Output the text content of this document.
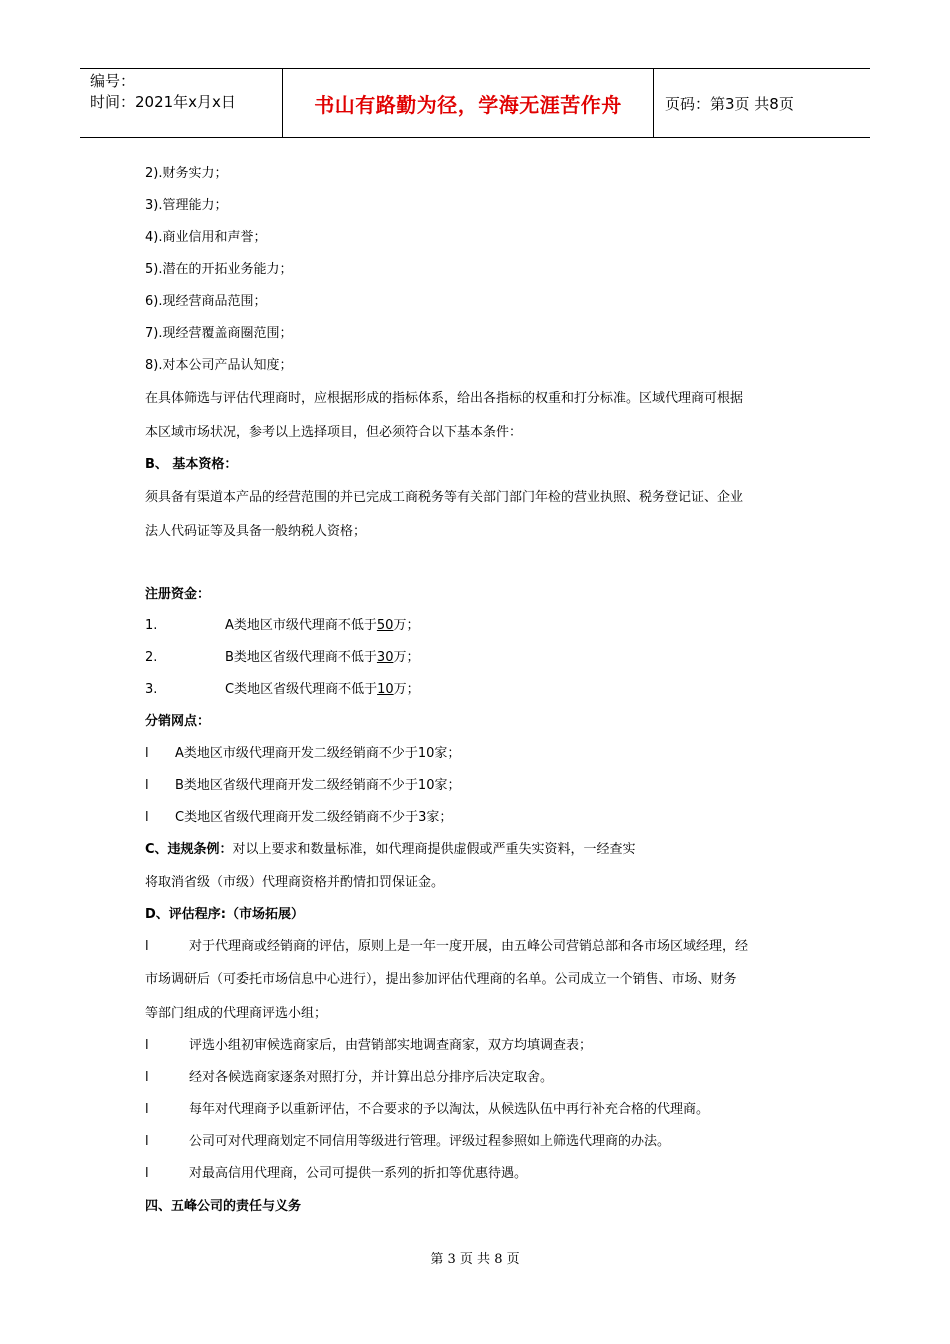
编号：
时间：2021年x月x日	书山有路勤为径，学海无涯苦作舟	页码：第3页 共8页
2).财务实力；
3).管理能力；
4).商业信用和声誉；
5).潜在的开拓业务能力；
6).现经营商品范围；
7).现经营覆盖商圈范围；
8).对本公司产品认知度；
在具体筛选与评估代理商时，应根据形成的指标体系，给出各指标的权重和打分标准。区域代理商可根据
本区域市场状况，参考以上选择项目，但必须符合以下基本条件：
B、 基本资格：
须具备有渠道本产品的经营范围的并已完成工商税务等有关部门部门年检的营业执照、税务登记证、企业
法人代码证等及具备一般纳税人资格；
注册资金：
1.	A类地区市级代理商不低于50万；
2.	B类地区省级代理商不低于30万；
3.	C类地区省级代理商不低于10万；
分销网点：
l A类地区市级代理商开发二级经销商不少于10家；
l B类地区省级代理商开发二级经销商不少于10家；
l C类地区省级代理商开发二级经销商不少于3家；
C、违规条例：对以上要求和数量标准，如代理商提供虚假或严重失实资料，一经查实
将取消省级（市级）代理商资格并酌情扣罚保证金。
D、评估程序:（市场拓展）
l	对于代理商或经销商的评估，原则上是一年一度开展，由五峰公司营销总部和各市场区域经理，经
市场调研后（可委托市场信息中心进行），提出参加评估代理商的名单。公司成立一个销售、市场、财务
等部门组成的代理商评选小组；
l	评选小组初审候选商家后，由营销部实地调查商家，双方均填调查表；
l	经对各候选商家逐条对照打分，并计算出总分排序后决定取舍。
l	每年对代理商予以重新评估，不合要求的予以淘汰，从候选队伍中再行补充合格的代理商。
l	公司可对代理商划定不同信用等级进行管理。评级过程参照如上筛选代理商的办法。
l	对最高信用代理商，公司可提供一系列的折扣等优惠待遇。
四、五峰公司的责任与义务
第 3 页 共 8 页
